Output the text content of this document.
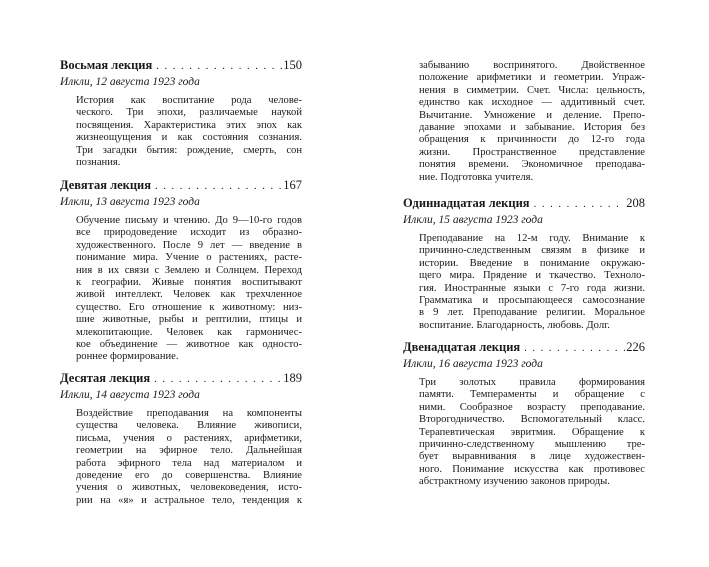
Восьмая лекция . . .	150
Илкли, 12 августа 1923 года
История как воспитание рода челове-
ческого. Три эпохи, различаемые наукой
посвящения. Характеристика этих эпох как
жизнеощущения и как состояния сознания.
Три загадки бытия: рождение, смерть, сон
познания.
Девятая лекция . . .	167
Илкли, 13 августа 1923 года
Обучение письму и чтению. До 9—10-го годов
все природоведение исходит из образно-
художественного. После 9 лет — введение в
понимание мира. Учение о растениях, расте-
ния в их связи с Землею и Солнцем. Переход
к географии. Живые понятия воспитывают
живой интеллект. Человек как трехчленное
существо. Его отношение к животному: низ-
шие животные, рыбы и рептилии, птицы и
млекопитающие. Человек как гармоничес-
кое объединение — животное как односто-
роннее формирование.
Десятая лекция . . .	189
Илкли, 14 августа 1923 года
Воздействие преподавания на компоненты
существа человека. Влияние живописи,
письма, учения о растениях, арифметики,
геометрии на эфирное тело. Дальнейшая
работа эфирного тела над материалом и
доведение его до совершенства. Влияние
учения о животных, человековедения, исто-
рии на «я» и астральное тело, тенденция к
забыванию воспринятого. Двойственное
положение арифметики и геометрии. Упраж-
нения в симметрии. Счет. Числа: цельность,
единство как исходное — аддитивный счет.
Вычитание. Умножение и деление. Препо-
давание эпохами и забывание. История без
обращения к причинности до 12-го года
жизни. Пространственное представление
понятия времени. Экономичное преподава-
ние. Подготовка учителя.
Одиннадцатая лекция . . .	208
Илкли, 15 августа 1923 года
Преподавание на 12-м году. Внимание к
причинно-следственным связям в физике и
истории. Введение в понимание окружаю-
щего мира. Прядение и ткачество. Техноло-
гия. Иностранные языки с 7-го года жизни.
Грамматика и просыпающееся самосознание
в 9 лет. Преподавание религии. Моральное
воспитание. Благодарность, любовь. Долг.
Двенадцатая лекция . . .	226
Илкли, 16 августа 1923 года
Три золотых правила формирования
памяти. Темпераменты и обращение с
ними. Сообразное возрасту преподавание.
Второгодничество. Вспомогательный класс.
Терапевтическая эвритмия. Обращение к
причинно-следственному мышлению тре-
бует выравнивания в лице художествен-
ного. Понимание искусства как противовес
абстрактному изучению законов природы.
